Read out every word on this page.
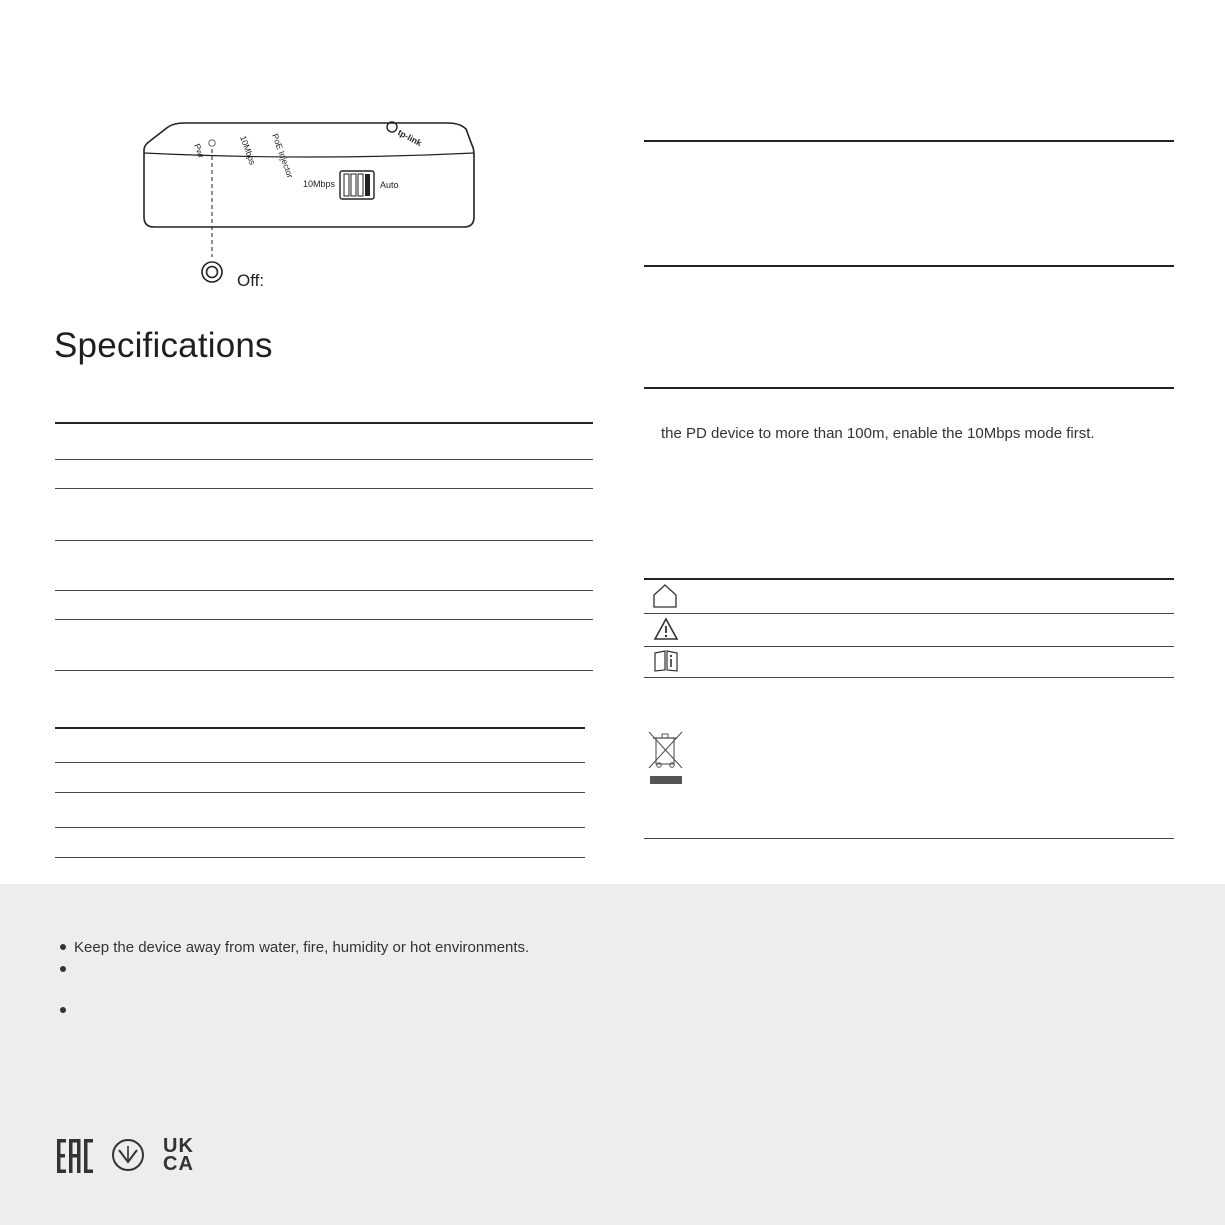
Pwr	10Mbps PoE Injector	tp-link
10Mbps	Auto
Off:
Specifications
the PD device to more than 100m, enable the 10Mbps mode first.
Keep the device away from water, fire, humidity or hot environments.
UK
CA
